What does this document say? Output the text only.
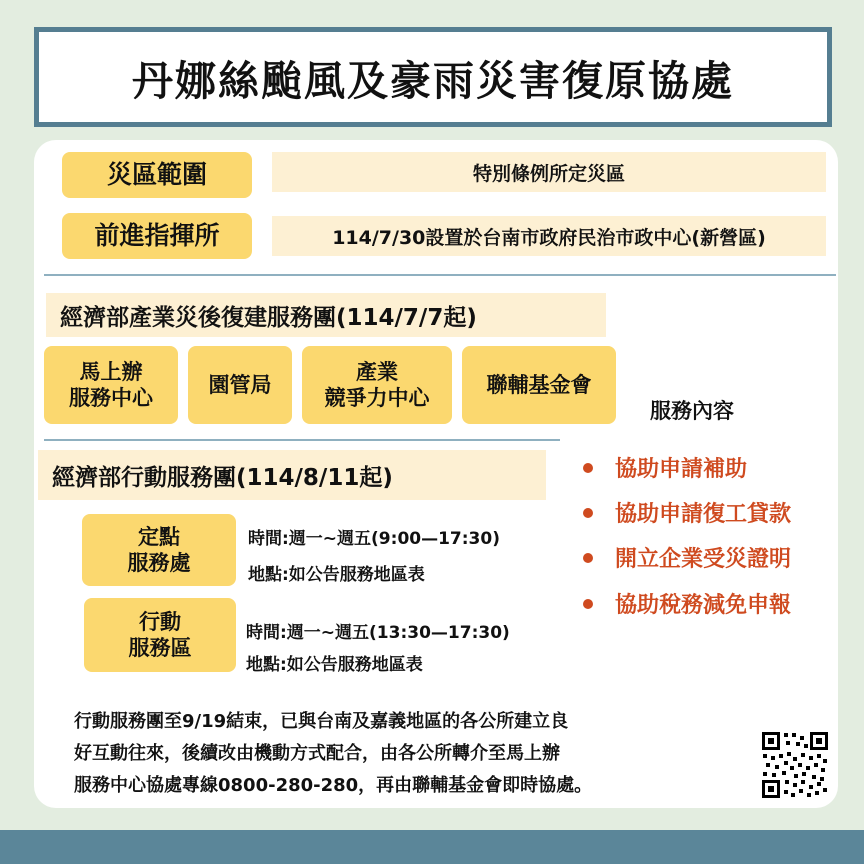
丹娜絲颱風及豪雨災害復原協處
災區範圍	特別條例所定災區
前進指揮所	114/7/30設置於台南市政府民治市政中心(新營區)
經濟部產業災後復建服務團(114/7/7起)
馬上辦
服務中心
園管局
產業
競爭力中心
聯輔基金會
經濟部行動服務團(114/8/11起)
定點
服務處
時間:週一~週五(9:00—17:30)
地點:如公告服務地區表
行動
服務區
時間:週一~週五(13:30—17:30)
地點:如公告服務地區表
服務內容
協助申請補助
協助申請復工貸款
開立企業受災證明
協助稅務減免申報
行動服務團至9/19結束，已與台南及嘉義地區的各公所建立良
好互動往來，後續改由機動方式配合，由各公所轉介至馬上辦
服務中心協處專線0800-280-280，再由聯輔基金會即時協處。
